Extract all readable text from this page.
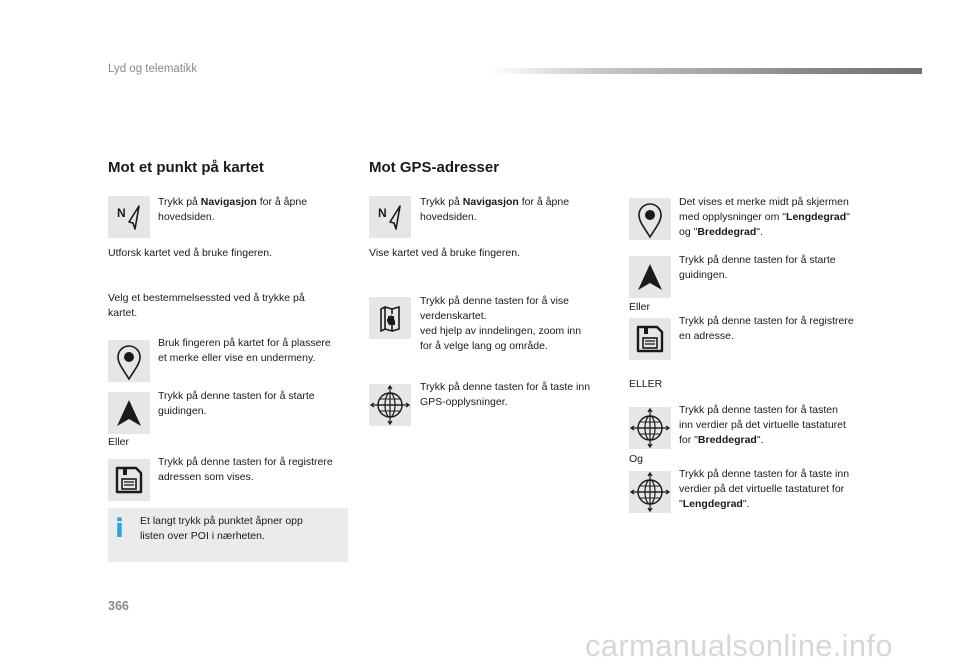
Lyd og telematikk
Mot et punkt på kartet
Trykk på Navigasjon for å åpne
hovedsiden.
Utforsk kartet ved å bruke fingeren.
Velg et bestemmelsessted ved å trykke på
kartet.
Bruk fingeren på kartet for å plassere
et merke eller vise en undermeny.
Trykk på denne tasten for å starte
guidingen.
Eller
Trykk på denne tasten for å registrere
adressen som vises.
i Et langt trykk på punktet åpner opp
listen over POI i nærheten.
Mot GPS-adresser
Trykk på Navigasjon for å åpne
hovedsiden.
Vise kartet ved å bruke fingeren.
Trykk på denne tasten for å vise
verdenskartet.
ved hjelp av inndelingen, zoom inn
for å velge lang og område.
Trykk på denne tasten for å taste inn
GPS-opplysninger.
Det vises et merke midt på skjermen
med opplysninger om "Lengdegrad"
og "Breddegrad".
Trykk på denne tasten for å starte
guidingen.
Eller
Trykk på denne tasten for å registrere
en adresse.
ELLER
Trykk på denne tasten for å tasten
inn verdier på det virtuelle tastaturet
for "Breddegrad".
Og
Trykk på denne tasten for å taste inn
verdier på det virtuelle tastaturet for
"Lengdegrad".
366
carmanualsonline.info
